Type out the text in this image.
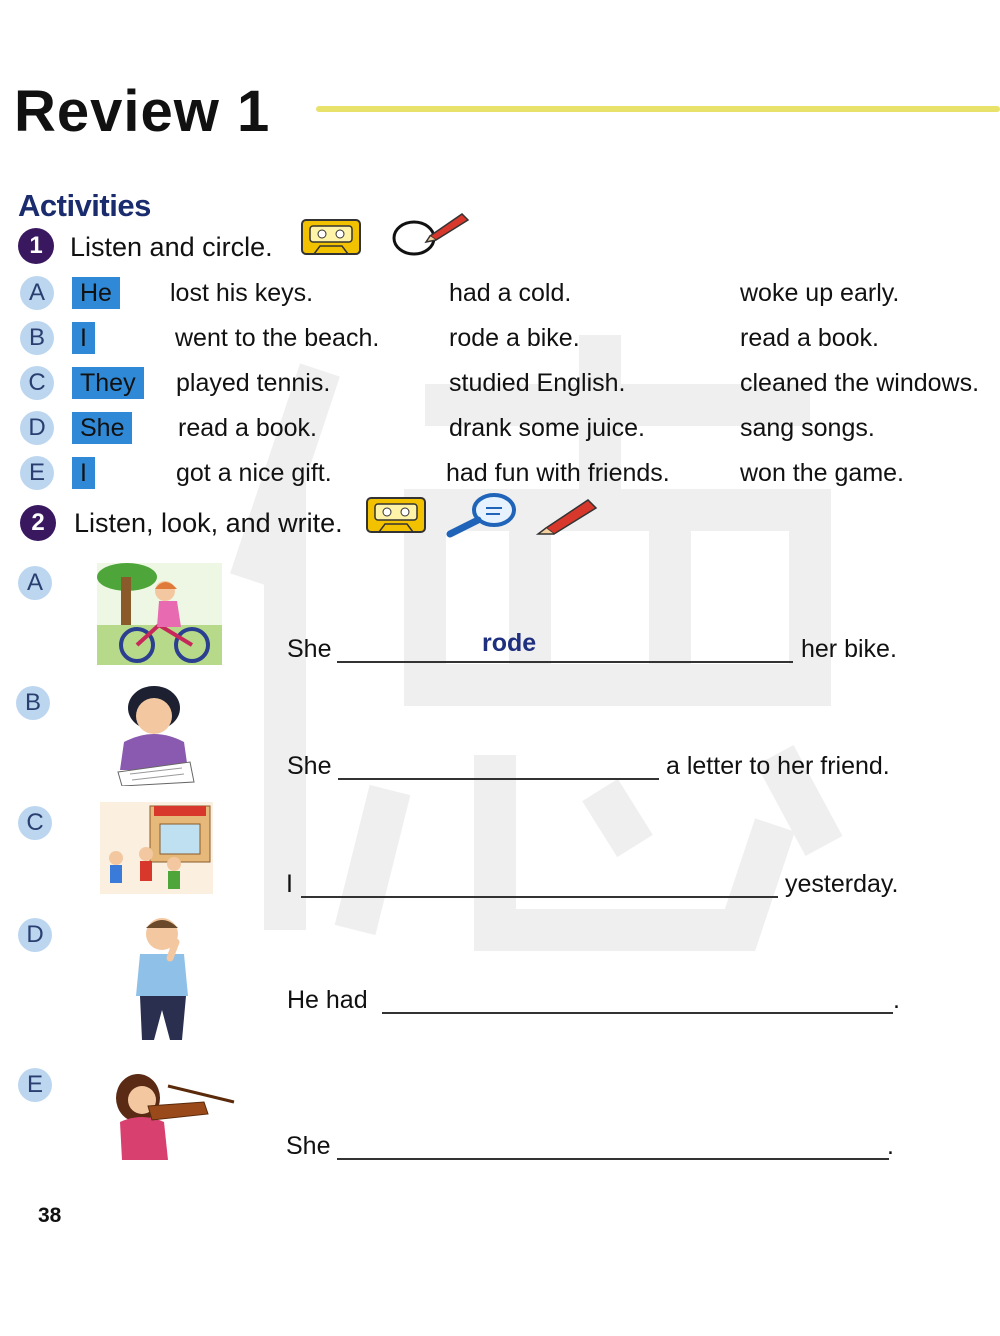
Review 1
Activities
1	Listen and circle.
A	He	lost his keys.	had a cold.	woke up early.
B	I	went to the beach.	rode a bike.	read a book.
C	They	played tennis.	studied English.	cleaned the windows.
D	She	read a book.	drank some juice.	sang songs.
E	I	got a nice gift.	had fun with friends.	won the game.
2	Listen, look, and write.
A
She	rode	her bike.
B
She	a letter to her friend.
C
I	yesterday.
D
He had	.
E
She	.
38
